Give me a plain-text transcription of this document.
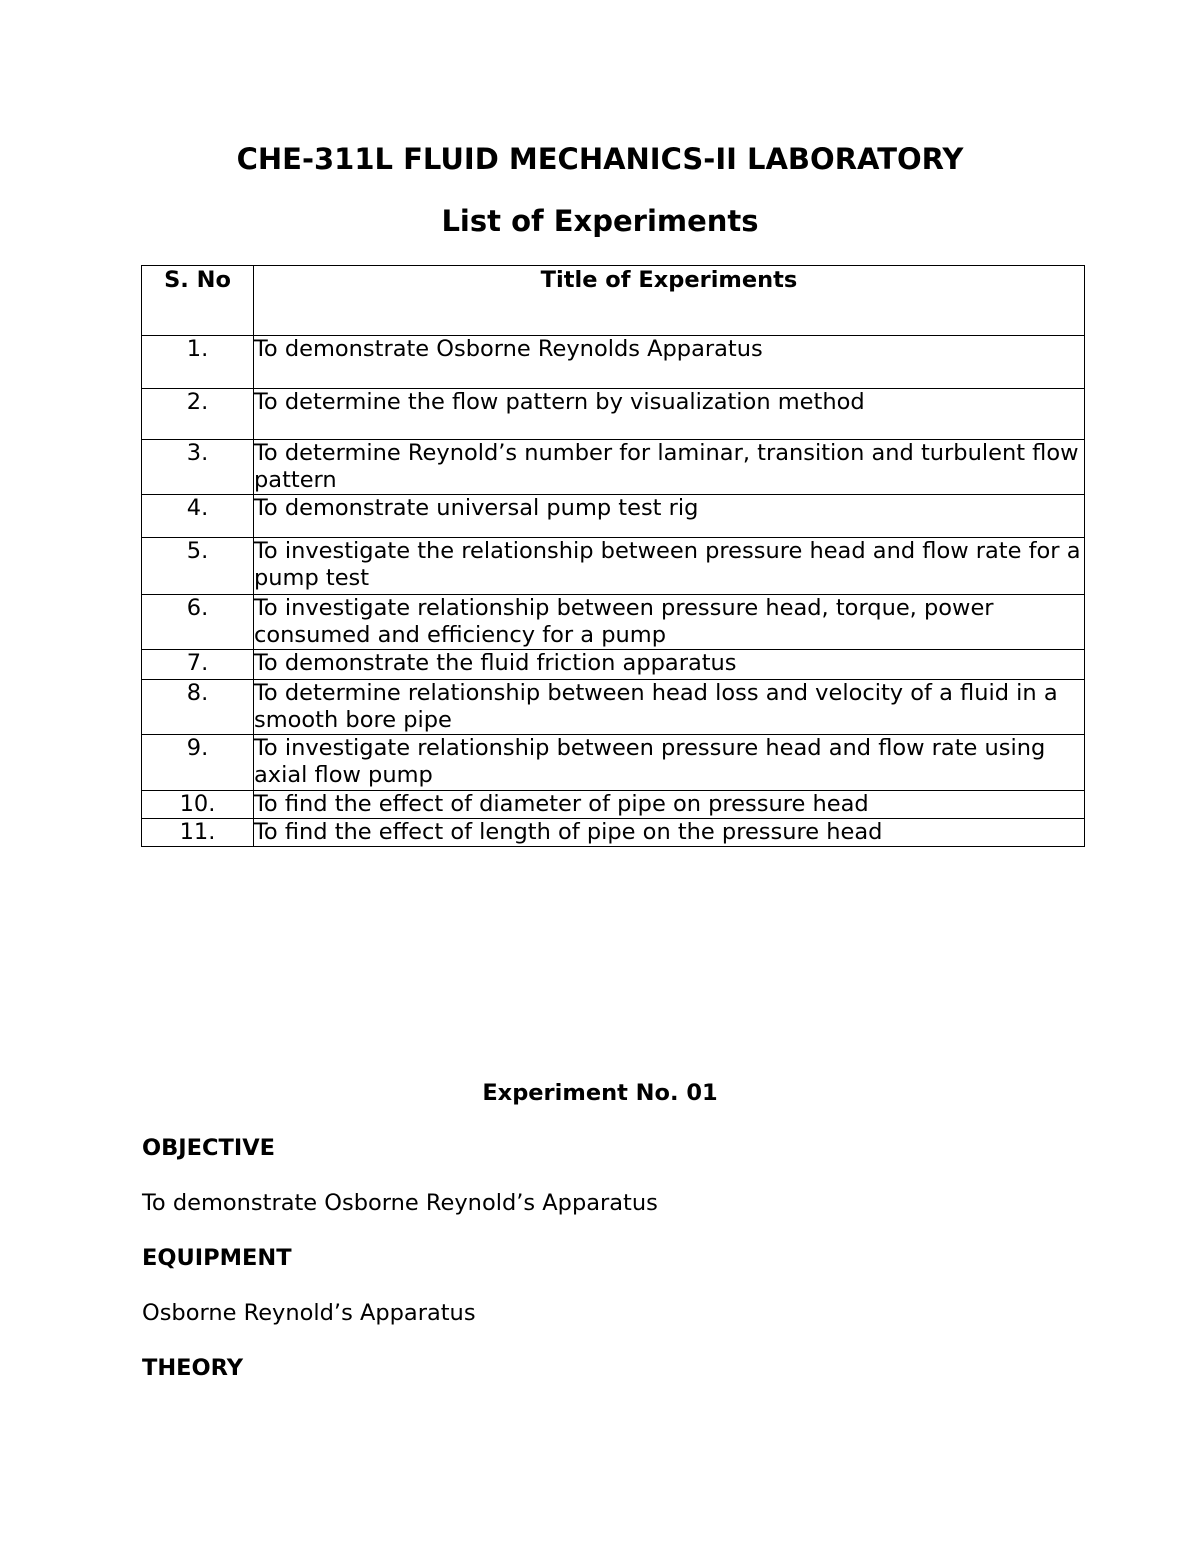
CHE-311L FLUID MECHANICS-II LABORATORY
List of Experiments
S. No	Title of Experiments
1.	To demonstrate Osborne Reynolds Apparatus
2.	To determine the flow pattern by visualization method
3.	To determine Reynold’s number for laminar, transition and turbulent flow pattern
4.	To demonstrate universal pump test rig
5.	To investigate the relationship between pressure head and flow rate for a pump test
6.	To investigate relationship between pressure head, torque, power consumed and efficiency for a pump
7.	To demonstrate the fluid friction apparatus
8.	To determine relationship between head loss and velocity of a fluid in a smooth bore pipe
9.	To investigate relationship between pressure head and flow rate using axial flow pump
10.	To find the effect of diameter of pipe on pressure head
11.	To find the effect of length of pipe on the pressure head

Experiment No. 01

OBJECTIVE

To demonstrate Osborne Reynold’s Apparatus

EQUIPMENT

Osborne Reynold’s Apparatus

THEORY
